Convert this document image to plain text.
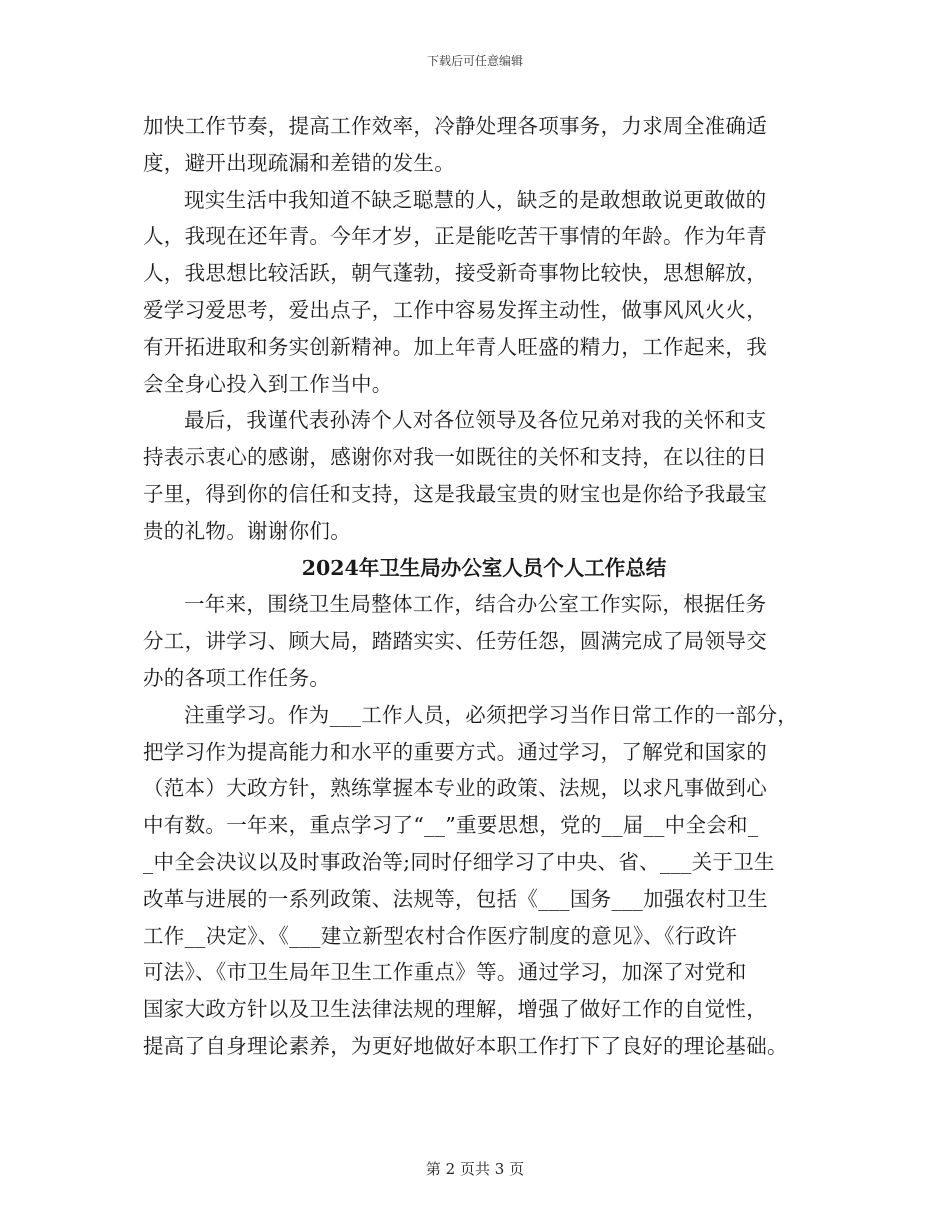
下载后可任意编辑
加快工作节奏，提高工作效率，冷静处理各项事务，力求周全准确适
度，避开出现疏漏和差错的发生。
现实生活中我知道不缺乏聪慧的人，缺乏的是敢想敢说更敢做的
人，我现在还年青。今年才岁，正是能吃苦干事情的年龄。作为年青
人，我思想比较活跃，朝气蓬勃，接受新奇事物比较快，思想解放，
爱学习爱思考，爱出点子，工作中容易发挥主动性，做事风风火火，
有开拓进取和务实创新精神。加上年青人旺盛的精力，工作起来，我
会全身心投入到工作当中。
最后，我谨代表孙涛个人对各位领导及各位兄弟对我的关怀和支
持表示衷心的感谢，感谢你对我一如既往的关怀和支持，在以往的日
子里，得到你的信任和支持，这是我最宝贵的财宝也是你给予我最宝
贵的礼物。谢谢你们。
2024年卫生局办公室人员个人工作总结
一年来，围绕卫生局整体工作，结合办公室工作实际，根据任务
分工，讲学习、顾大局，踏踏实实、任劳任怨，圆满完成了局领导交
办的各项工作任务。
注重学习。作为___工作人员，必须把学习当作日常工作的一部分，
把学习作为提高能力和水平的重要方式。通过学习，了解党和国家的
（范本）大政方针，熟练掌握本专业的政策、法规，以求凡事做到心
中有数。一年来，重点学习了“__”重要思想，党的__届__中全会和_
_中全会决议以及时事政治等;同时仔细学习了中央、省、___关于卫生
改革与进展的一系列政策、法规等，包括《___国务___加强农村卫生
工作__决定》、《___建立新型农村合作医疗制度的意见》、《行政许
可法》、《市卫生局年卫生工作重点》等。通过学习，加深了对党和
国家大政方针以及卫生法律法规的理解，增强了做好工作的自觉性，
提高了自身理论素养，为更好地做好本职工作打下了良好的理论基础。
第 2 页共 3 页
